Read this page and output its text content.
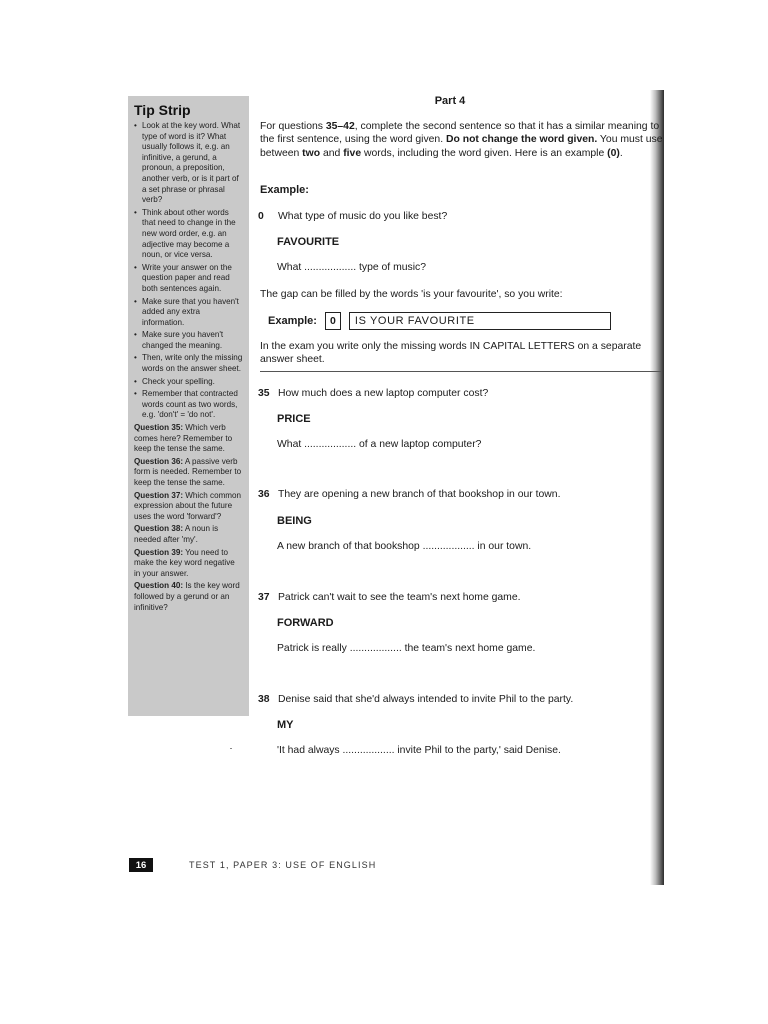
Tip Strip
• Look at the key word. What type of word is it? What usually follows it, e.g. an infinitive, a gerund, a pronoun, a preposition, another verb, or is it part of a set phrase or phrasal verb?
• Think about other words that need to change in the new word order, e.g. an adjective may become a noun, or vice versa.
• Write your answer on the question paper and read both sentences again.
• Make sure that you haven't added any extra information.
• Make sure you haven't changed the meaning.
• Then, write only the missing words on the answer sheet.
• Check your spelling.
• Remember that contracted words count as two words, e.g. 'don't' = 'do not'.
Question 35: Which verb comes here? Remember to keep the tense the same.
Question 36: A passive verb form is needed. Remember to keep the tense the same.
Question 37: Which common expression about the future uses the word 'forward'?
Question 38: A noun is needed after 'my'.
Question 39: You need to make the key word negative in your answer.
Question 40: Is the key word followed by a gerund or an infinitive?
Part 4
For questions 35–42, complete the second sentence so that it has a similar meaning to the first sentence, using the word given. Do not change the word given. You must use between two and five words, including the word given. Here is an example (0).
Example:
0	What type of music do you like best?
FAVOURITE
What .................. type of music?
The gap can be filled by the words 'is your favourite', so you write:
Example:	0	IS YOUR FAVOURITE
In the exam you write only the missing words IN CAPITAL LETTERS on a separate answer sheet.
35 How much does a new laptop computer cost?
PRICE
What .................. of a new laptop computer?
36 They are opening a new branch of that bookshop in our town.
BEING
A new branch of that bookshop .................. in our town.
37 Patrick can't wait to see the team's next home game.
FORWARD
Patrick is really .................. the team's next home game.
38 Denise said that she'd always intended to invite Phil to the party.
MY
'It had always .................. invite Phil to the party,' said Denise.
16	TEST 1, PAPER 3: USE OF ENGLISH
